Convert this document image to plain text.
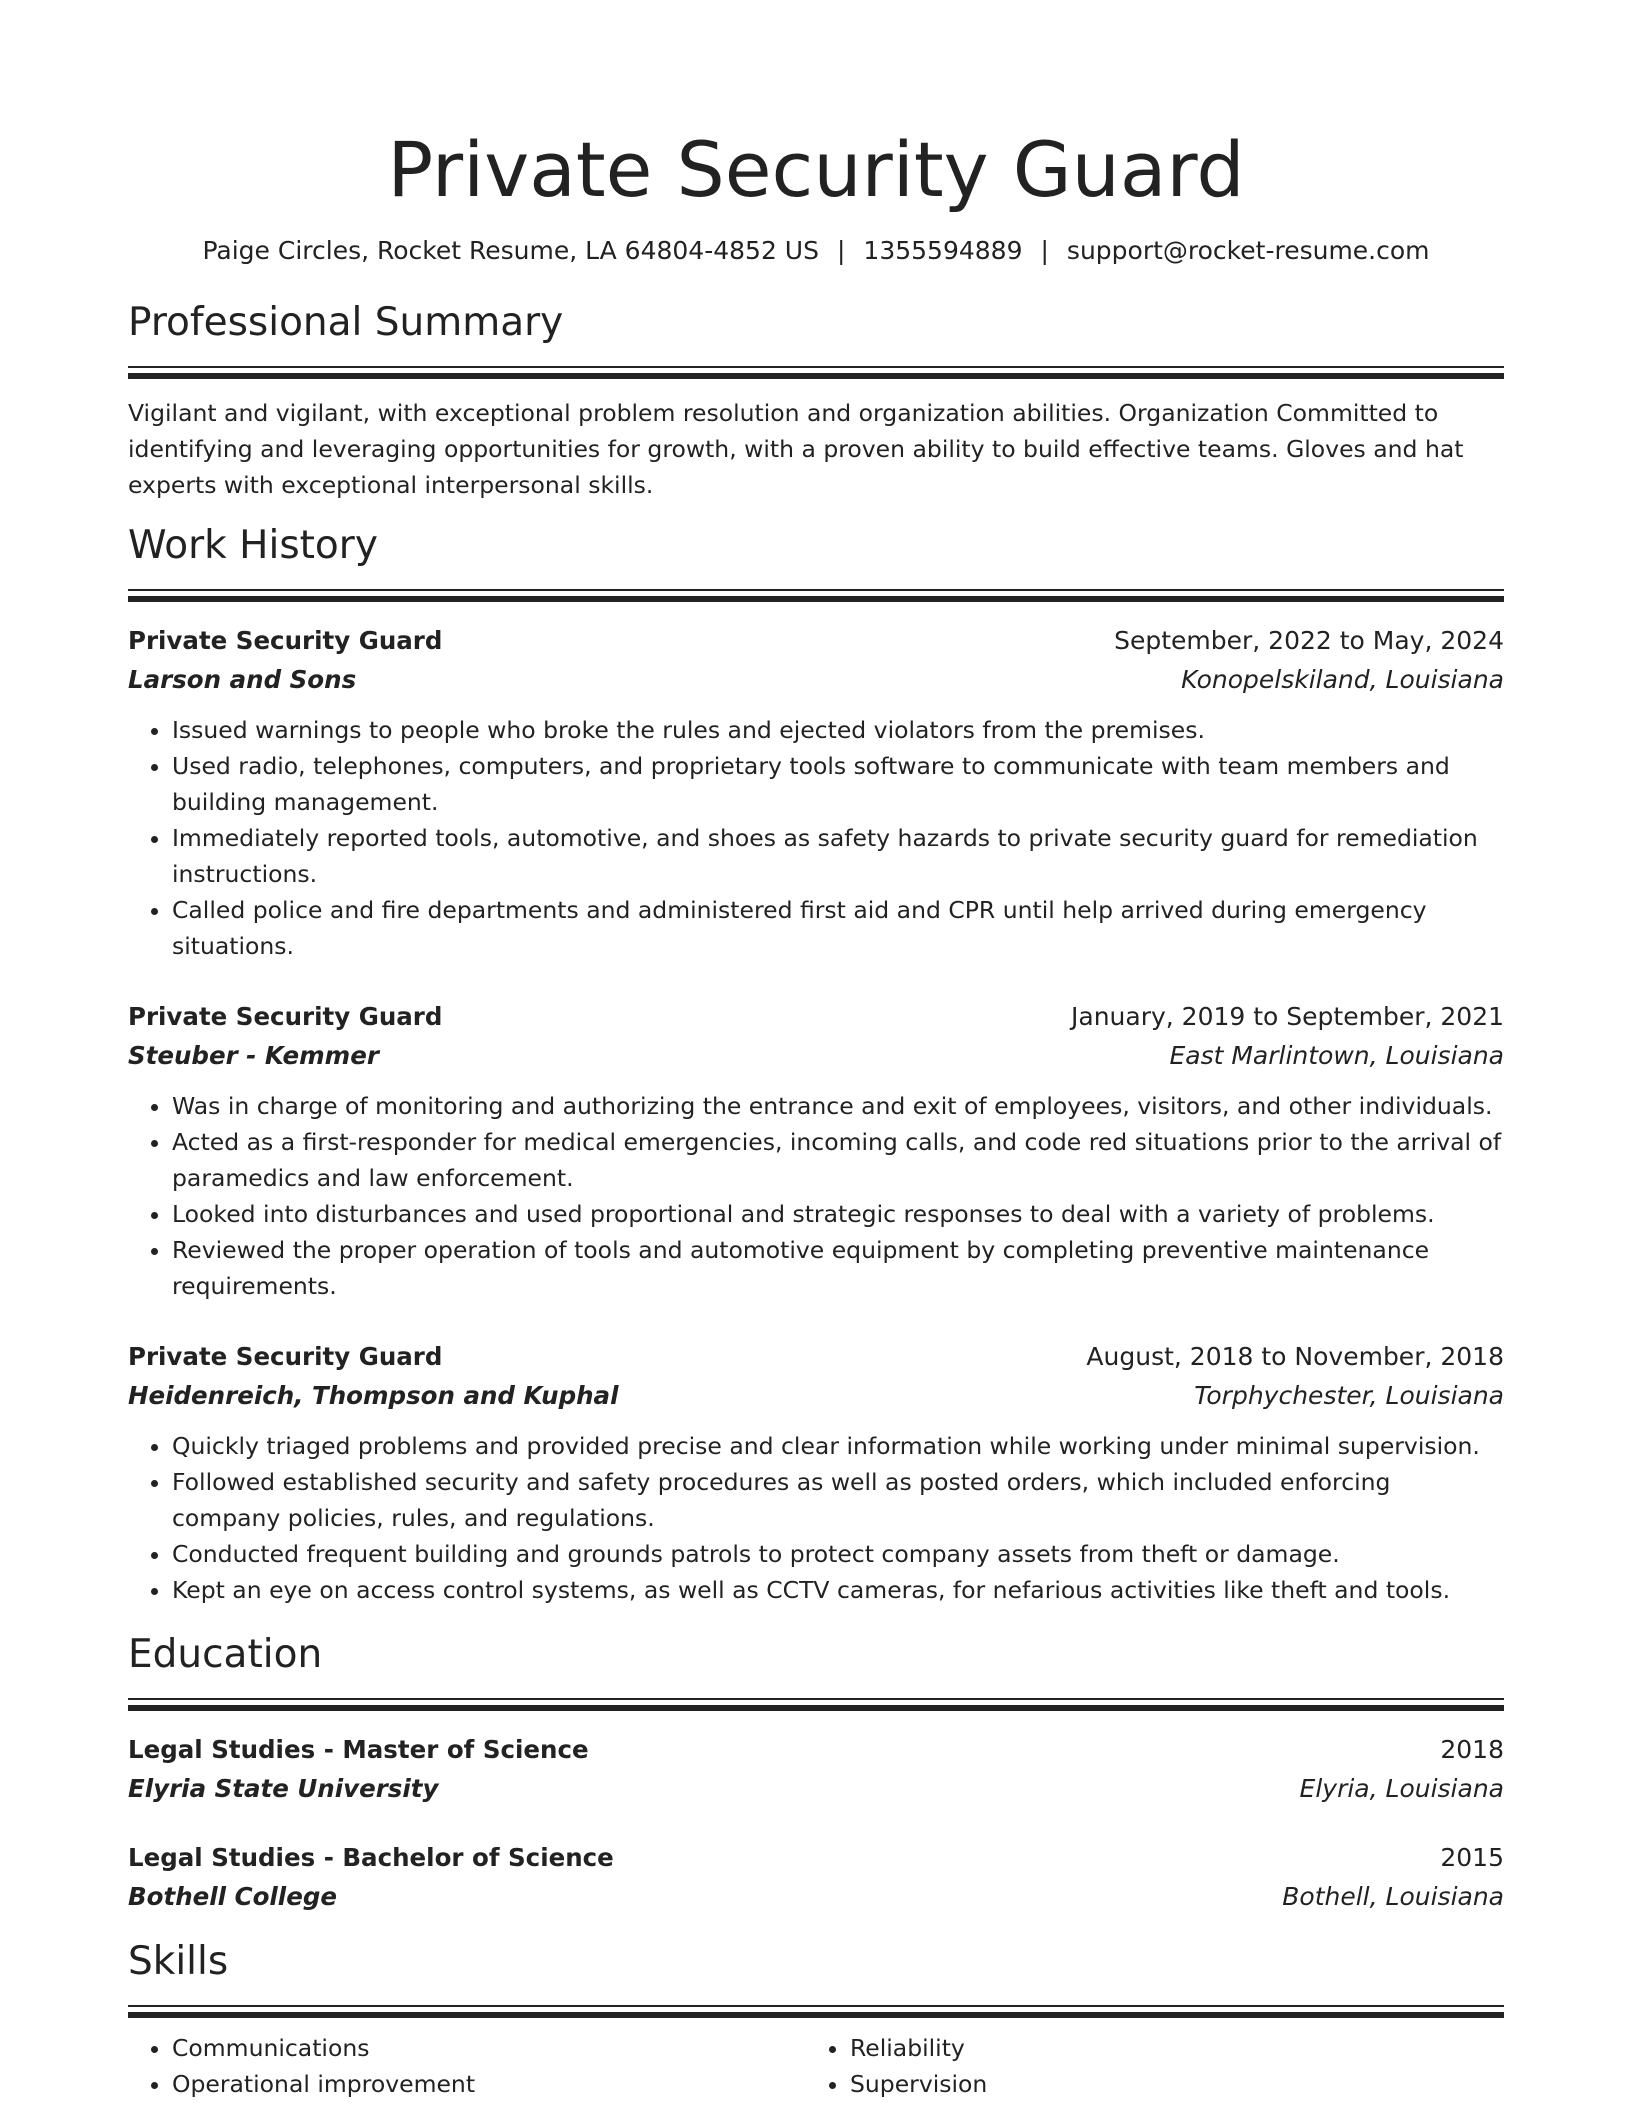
Private Security Guard
Paige Circles, Rocket Resume, LA 64804-4852 US | 1355594889 | support@rocket-resume.com
Professional Summary
Vigilant and vigilant, with exceptional problem resolution and organization abilities. Organization Committed to identifying and leveraging opportunities for growth, with a proven ability to build effective teams. Gloves and hat experts with exceptional interpersonal skills.
Work History
Private Security Guard	September, 2022 to May, 2024
Larson and Sons	Konopelskiland, Louisiana
• Issued warnings to people who broke the rules and ejected violators from the premises.
• Used radio, telephones, computers, and proprietary tools software to communicate with team members and building management.
• Immediately reported tools, automotive, and shoes as safety hazards to private security guard for remediation instructions.
• Called police and fire departments and administered first aid and CPR until help arrived during emergency situations.
Private Security Guard	January, 2019 to September, 2021
Steuber - Kemmer	East Marlintown, Louisiana
• Was in charge of monitoring and authorizing the entrance and exit of employees, visitors, and other individuals.
• Acted as a first-responder for medical emergencies, incoming calls, and code red situations prior to the arrival of paramedics and law enforcement.
• Looked into disturbances and used proportional and strategic responses to deal with a variety of problems.
• Reviewed the proper operation of tools and automotive equipment by completing preventive maintenance requirements.
Private Security Guard	August, 2018 to November, 2018
Heidenreich, Thompson and Kuphal	Torphychester, Louisiana
• Quickly triaged problems and provided precise and clear information while working under minimal supervision.
• Followed established security and safety procedures as well as posted orders, which included enforcing company policies, rules, and regulations.
• Conducted frequent building and grounds patrols to protect company assets from theft or damage.
• Kept an eye on access control systems, as well as CCTV cameras, for nefarious activities like theft and tools.
Education
Legal Studies - Master of Science	2018
Elyria State University	Elyria, Louisiana
Legal Studies - Bachelor of Science	2015
Bothell College	Bothell, Louisiana
Skills
• Communications
• Operational improvement
• Reliability
• Supervision
